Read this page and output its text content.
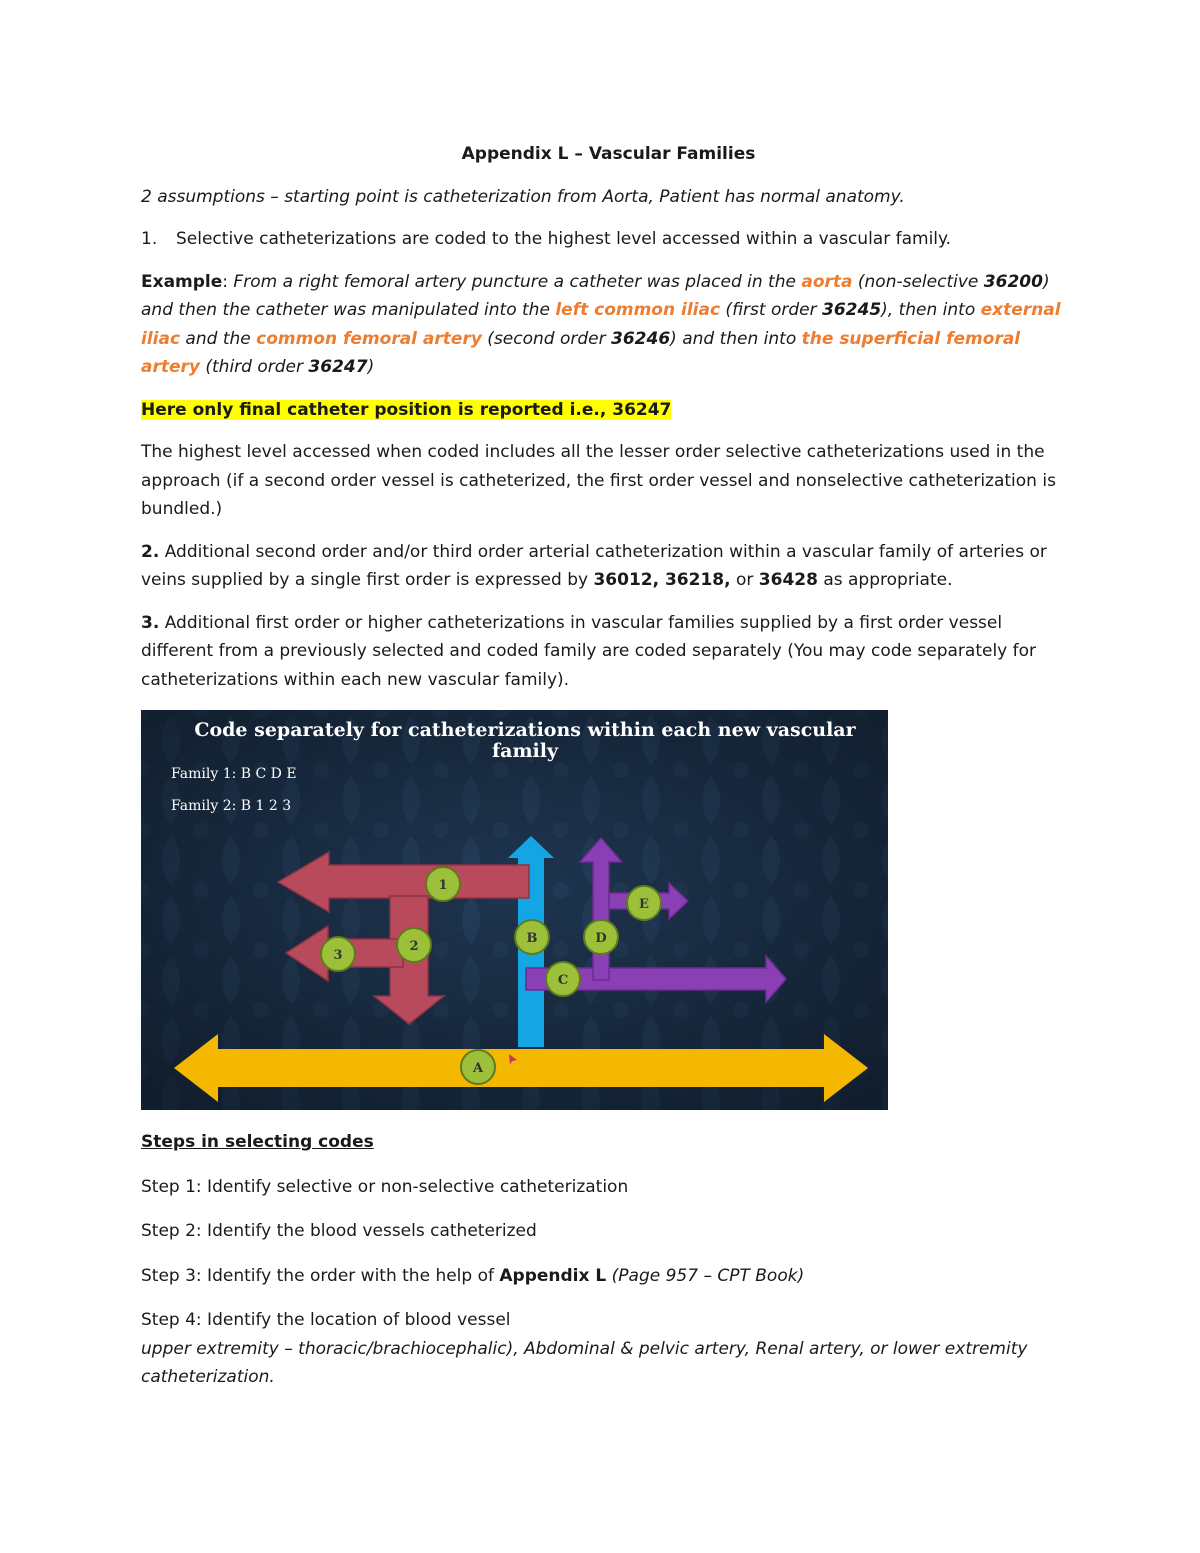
Appendix L – Vascular Families

2 assumptions – starting point is catheterization from Aorta, Patient has normal anatomy.

1. Selective catheterizations are coded to the highest level accessed within a vascular family.

Example: From a right femoral artery puncture a catheter was placed in the aorta (non-selective 36200) and then the catheter was manipulated into the left common iliac (first order 36245), then into external iliac and the common femoral artery (second order 36246) and then into the superficial femoral artery (third order 36247)

Here only final catheter position is reported i.e., 36247

The highest level accessed when coded includes all the lesser order selective catheterizations used in the approach (if a second order vessel is catheterized, the first order vessel and nonselective catheterization is bundled.)

2. Additional second order and/or third order arterial catheterization within a vascular family of arteries or veins supplied by a single first order is expressed by 36012, 36218, or 36428 as appropriate.

3. Additional first order or higher catheterizations in vascular families supplied by a first order vessel different from a previously selected and coded family are coded separately (You may code separately for catheterizations within each new vascular family).

Code separately for catheterizations within each new vascular
family
Family 1: B C D E
Family 2: B 1 2 3
1
2
3
B
C
D
E
A

Steps in selecting codes

Step 1: Identify selective or non-selective catheterization

Step 2: Identify the blood vessels catheterized

Step 3: Identify the order with the help of Appendix L (Page 957 – CPT Book)

Step 4: Identify the location of blood vessel
upper extremity – thoracic/brachiocephalic), Abdominal & pelvic artery, Renal artery, or lower extremity catheterization.
